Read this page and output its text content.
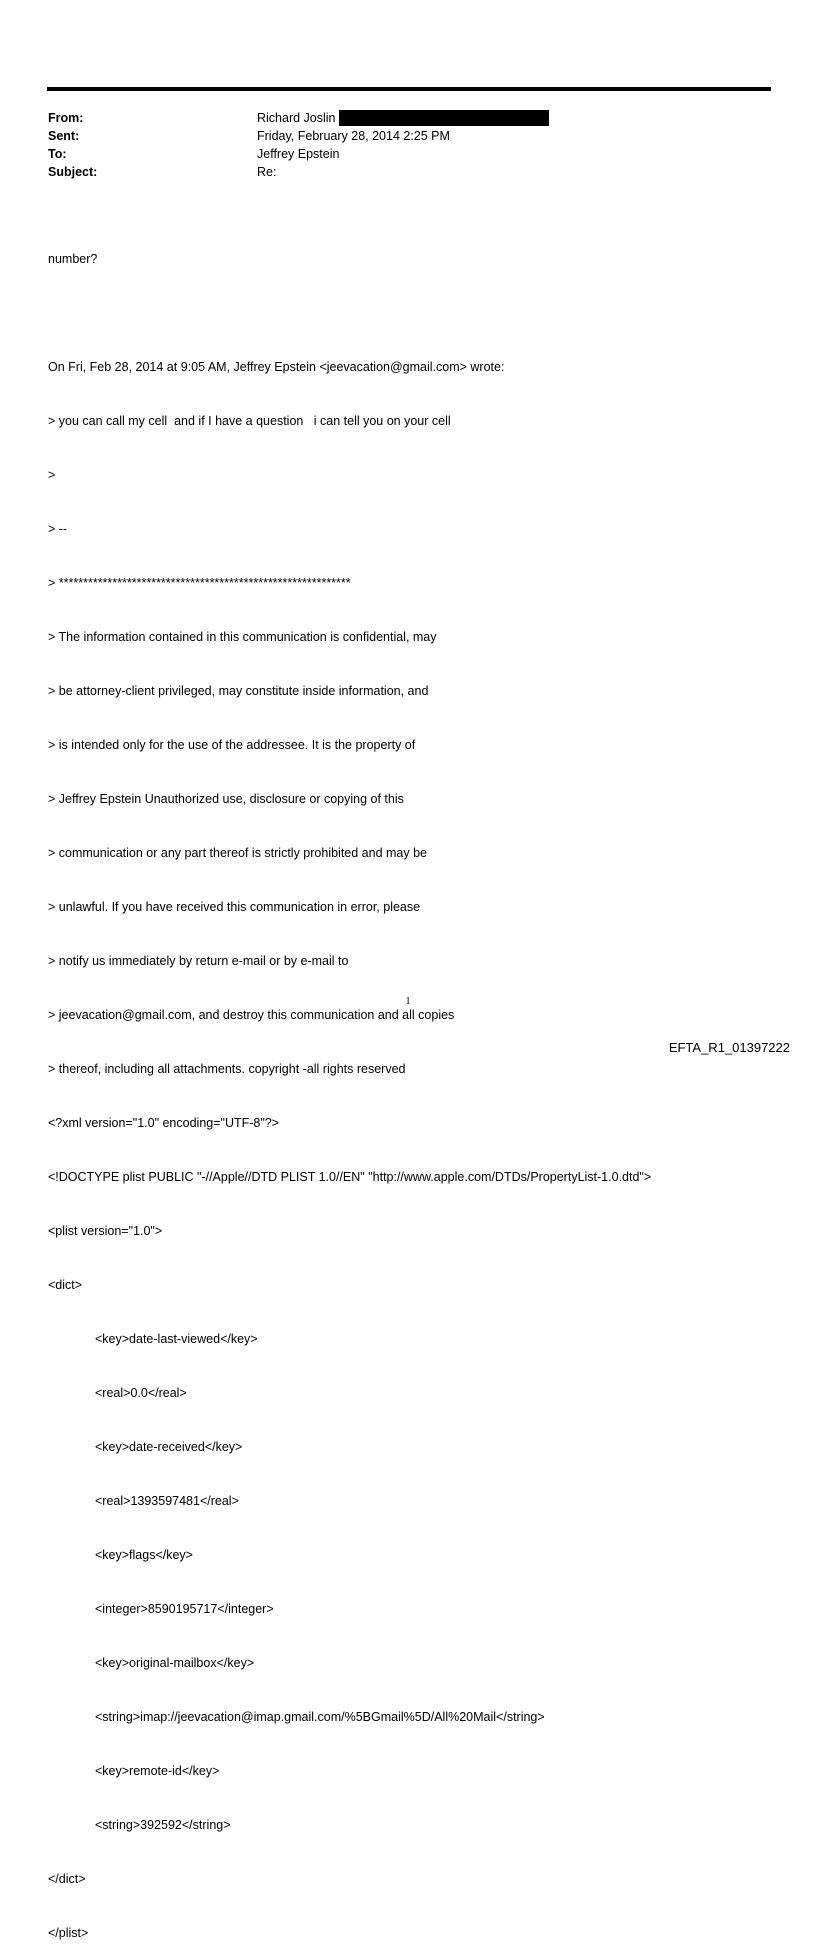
From:	Richard Joslin
Sent:	Friday, February 28, 2014 2:25 PM
To:	Jeffrey Epstein
Subject:	Re:

number?

On Fri, Feb 28, 2014 at 9:05 AM, Jeffrey Epstein <jeevacation@gmail.com> wrote:

> you can call my cell  and if I have a question   i can tell you on your cell

>

> --

> ************************************************************

> The information contained in this communication is confidential, may

> be attorney-client privileged, may constitute inside information, and

> is intended only for the use of the addressee. It is the property of

> Jeffrey Epstein Unauthorized use, disclosure or copying of this

> communication or any part thereof is strictly prohibited and may be

> unlawful. If you have received this communication in error, please

> notify us immediately by return e-mail or by e-mail to

> jeevacation@gmail.com, and destroy this communication and all copies

> thereof, including all attachments. copyright -all rights reserved

<?xml version="1.0" encoding="UTF-8"?>

<!DOCTYPE plist PUBLIC "-//Apple//DTD PLIST 1.0//EN" "http://www.apple.com/DTDs/PropertyList-1.0.dtd">

<plist version="1.0">

<dict>

<key>date-last-viewed</key>

<real>0.0</real>

<key>date-received</key>

<real>1393597481</real>

<key>flags</key>

<integer>8590195717</integer>

<key>original-mailbox</key>

<string>imap://jeevacation@imap.gmail.com/%5BGmail%5D/All%20Mail</string>

<key>remote-id</key>

<string>392592</string>

</dict>

</plist>

1
EFTA_R1_01397222
